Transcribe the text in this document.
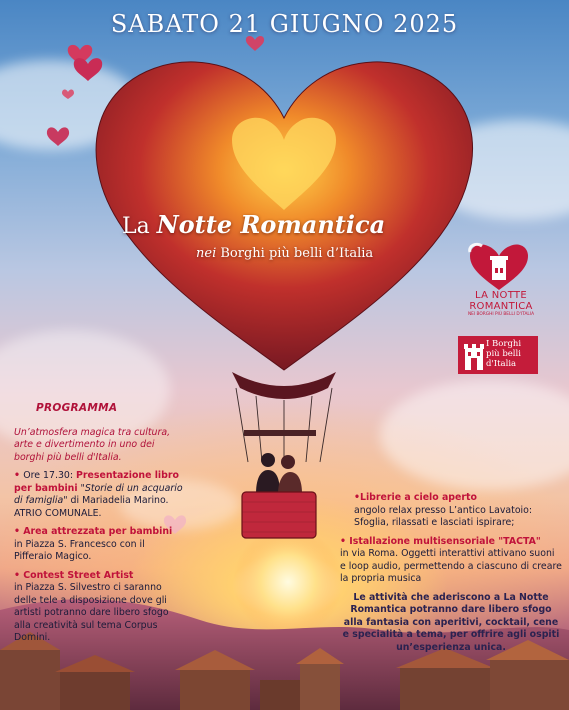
SABATO 21 GIUGNO 2025
La Notte Romantica
nei Borghi più belli d’Italia
LA NOTTE
ROMANTICA
NEI BORGHI PIÙ BELLI D'ITALIA
I Borghi
più belli
d'Italia
PROGRAMMA
Un’atmosfera magica tra cultura, arte e divertimento in uno dei borghi più belli d'Italia.
• Ore 17.30: Presentazione libro per bambini "Storie di un acquario di famiglia" di Mariadelia Marino. ATRIO COMUNALE.
• Area attrezzata per bambini
in Piazza S. Francesco con il Pifferaio Magico.
• Contest Street Artist
in Piazza S. Silvestro ci saranno delle tele a disposizione dove gli artisti potranno dare libero sfogo alla creatività sul tema Corpus Domini.
•Librerie a cielo aperto
angolo relax presso L’antico Lavatoio: Sfoglia, rilassati e lasciati ispirare;
• Istallazione multisensoriale "TACTA"
in via Roma. Oggetti interattivi attivano suoni e loop audio, permettendo a ciascuno di creare la propria musica
Le attività che aderiscono a La Notte Romantica potranno dare libero sfogo alla fantasia con aperitivi, cocktail, cene e specialità a tema, per offrire agli ospiti un’esperienza unica.
